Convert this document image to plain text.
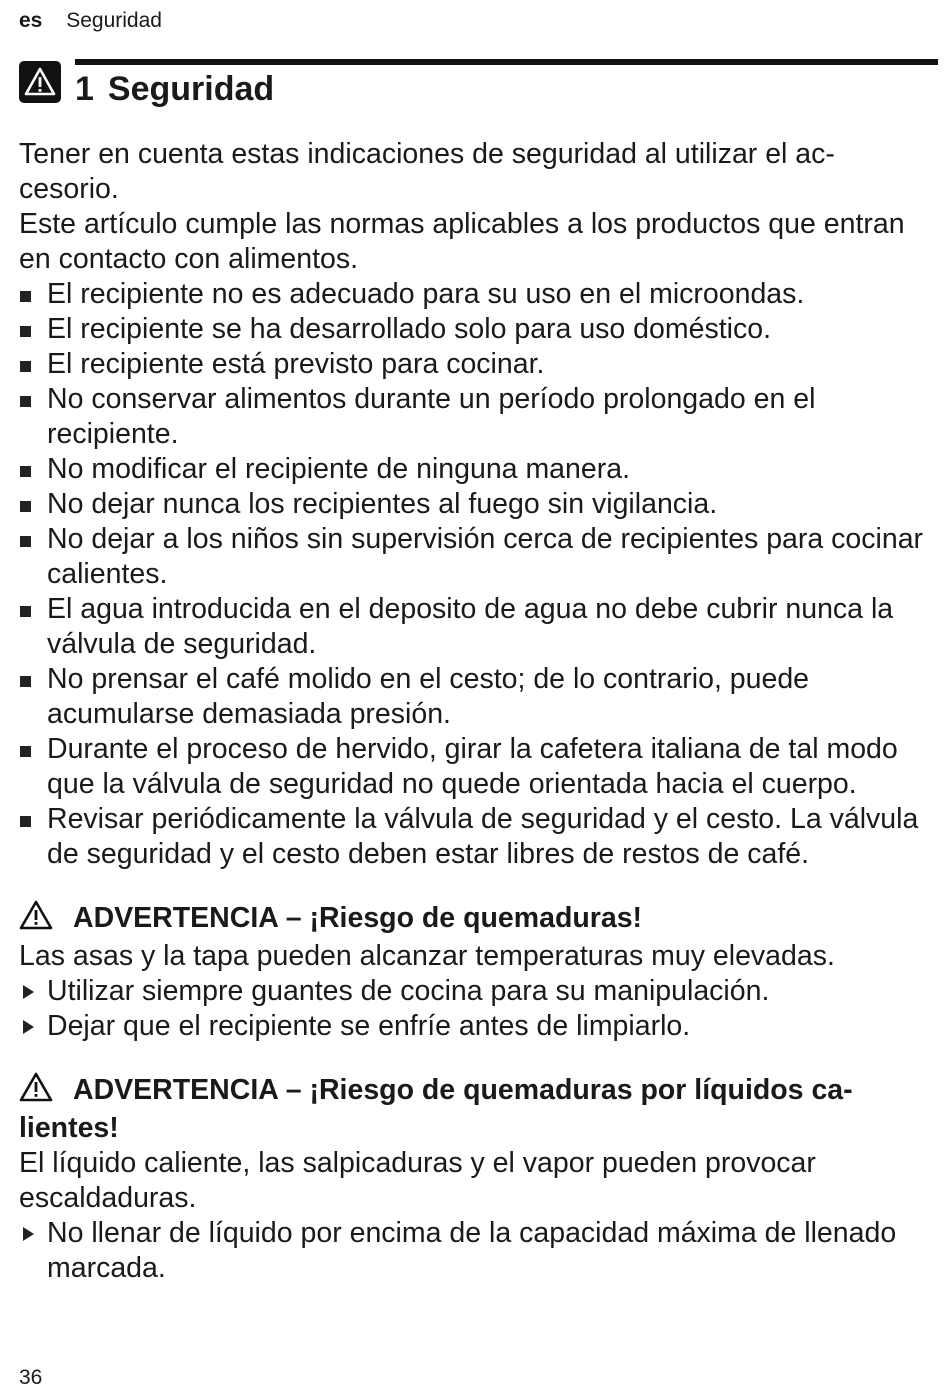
es Seguridad
1 Seguridad

Tener en cuenta estas indicaciones de seguridad al utilizar el accesorio.

Este artículo cumple las normas aplicables a los productos que entran en contacto con alimentos.

El recipiente no es adecuado para su uso en el microondas.
El recipiente se ha desarrollado solo para uso doméstico.
El recipiente está previsto para cocinar.
No conservar alimentos durante un período prolongado en el recipiente.
No modificar el recipiente de ninguna manera.
No dejar nunca los recipientes al fuego sin vigilancia.
No dejar a los niños sin supervisión cerca de recipientes para cocinar calientes.
El agua introducida en el deposito de agua no debe cubrir nunca la válvula de seguridad.
No prensar el café molido en el cesto; de lo contrario, puede acumularse demasiada presión.
Durante el proceso de hervido, girar la cafetera italiana de tal modo que la válvula de seguridad no quede orientada hacia el cuerpo.
Revisar periódicamente la válvula de seguridad y el cesto. La válvula de seguridad y el cesto deben estar libres de restos de café.
ADVERTENCIA – ¡Riesgo de quemaduras!

Las asas y la tapa pueden alcanzar temperaturas muy elevadas.

Utilizar siempre guantes de cocina para su manipulación.
Dejar que el recipiente se enfríe antes de limpiarlo.
ADVERTENCIA – ¡Riesgo de quemaduras por líquidos calientes!

El líquido caliente, las salpicaduras y el vapor pueden provocar escaldaduras.

No llenar de líquido por encima de la capacidad máxima de llenado marcada.
36
